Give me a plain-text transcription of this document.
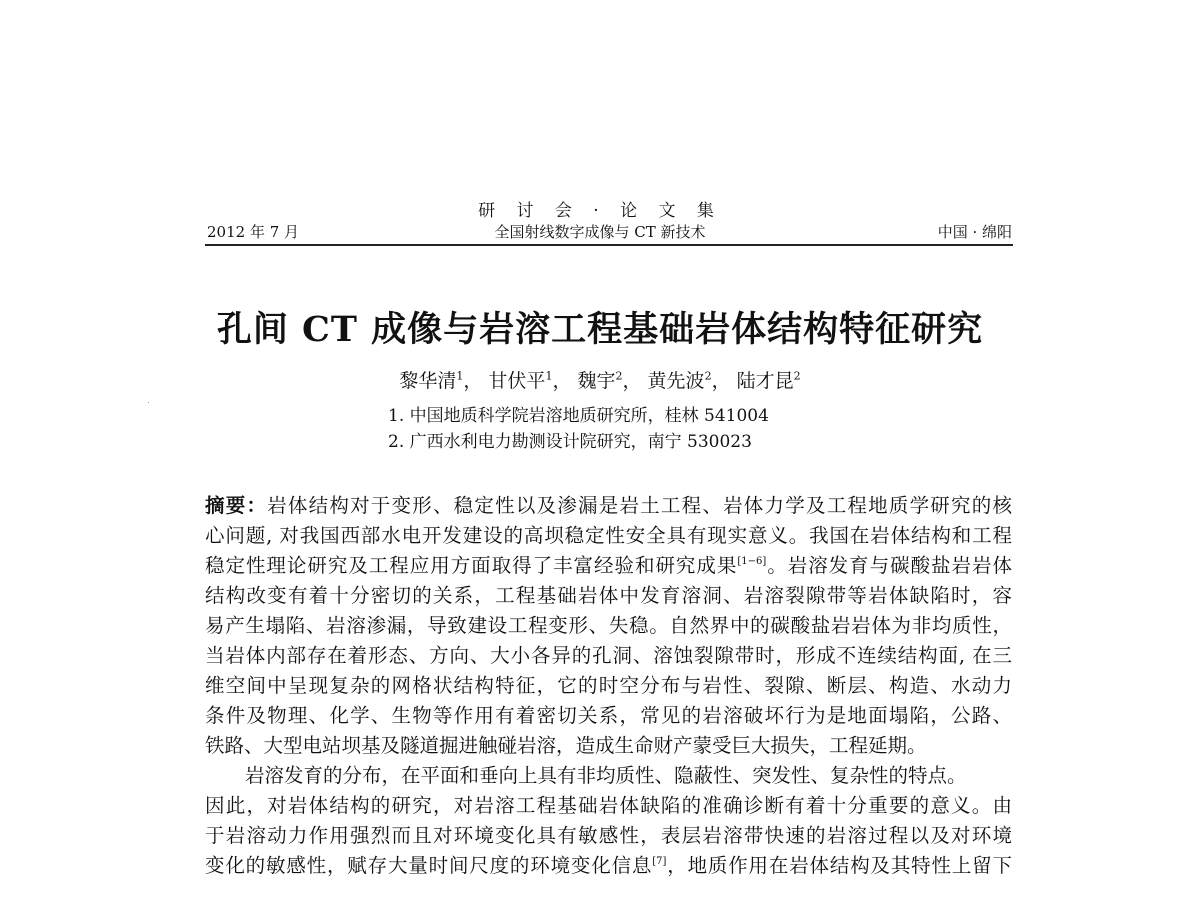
研 讨 会 · 论 文 集
全国射线数字成像与 CT 新技术
2012 年 7 月	中国 · 绵阳
孔间 CT 成像与岩溶工程基础岩体结构特征研究
黎华清$^1$， 甘伏平$^1$， 魏宇$^2$， 黄先波$^2$， 陆才昆$^2$
1. 中国地质科学院岩溶地质研究所，桂林 541004
2. 广西水利电力勘测设计院研究，南宁 530023
摘要：岩体结构对于变形、稳定性以及渗漏是岩土工程、岩体力学及工程地质学研究的核
心问题, 对我国西部水电开发建设的高坝稳定性安全具有现实意义。我国在岩体结构和工程
稳定性理论研究及工程应用方面取得了丰富经验和研究成果[1−6]。岩溶发育与碳酸盐岩岩体
结构改变有着十分密切的关系，工程基础岩体中发育溶洞、岩溶裂隙带等岩体缺陷时，容
易产生塌陷、岩溶渗漏，导致建设工程变形、失稳。自然界中的碳酸盐岩岩体为非均质性，
当岩体内部存在着形态、方向、大小各异的孔洞、溶蚀裂隙带时，形成不连续结构面, 在三
维空间中呈现复杂的网格状结构特征，它的时空分布与岩性、裂隙、断层、构造、水动力
条件及物理、化学、生物等作用有着密切关系，常见的岩溶破坏行为是地面塌陷，公路、
铁路、大型电站坝基及隧道掘进触碰岩溶，造成生命财产蒙受巨大损失，工程延期。
岩溶发育的分布，在平面和垂向上具有非均质性、隐蔽性、突发性、复杂性的特点。
因此，对岩体结构的研究，对岩溶工程基础岩体缺陷的准确诊断有着十分重要的意义。由
于岩溶动力作用强烈而且对环境变化具有敏感性，表层岩溶带快速的岩溶过程以及对环境
变化的敏感性，赋存大量时间尺度的环境变化信息[7]，地质作用在岩体结构及其特性上留下
